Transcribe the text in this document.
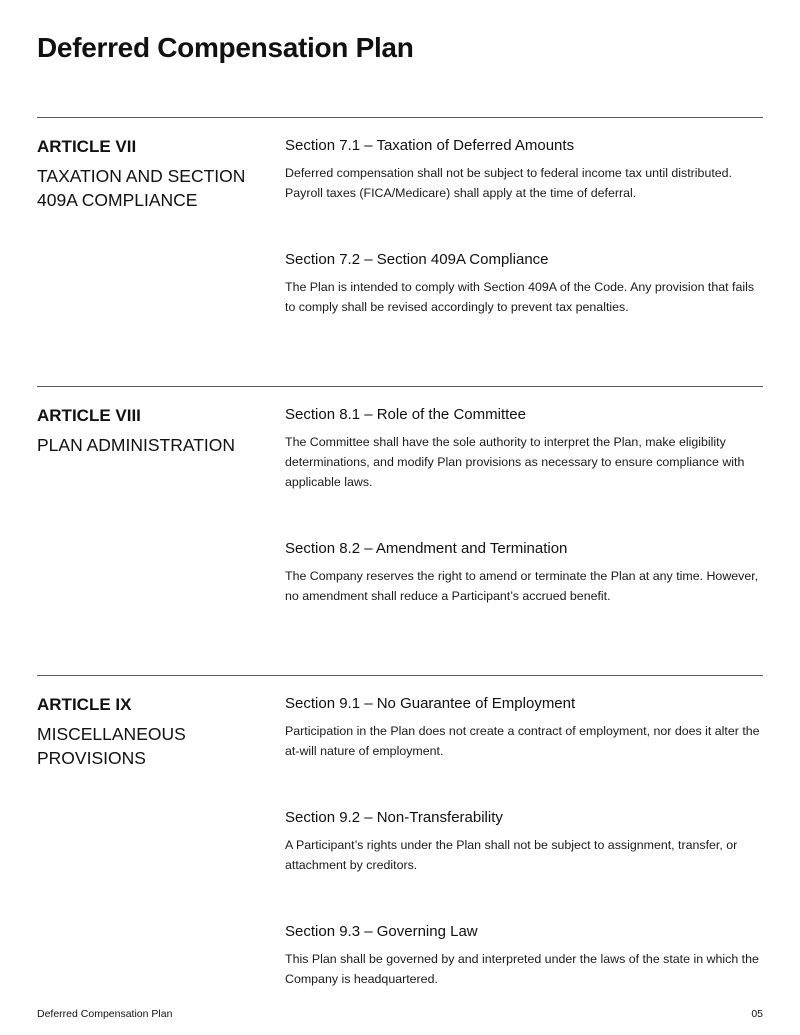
Deferred Compensation Plan
ARTICLE VII
TAXATION AND SECTION
409A COMPLIANCE
Section 7.1 – Taxation of Deferred Amounts

Deferred compensation shall not be subject to federal income tax until distributed. Payroll taxes (FICA/Medicare) shall apply at the time of deferral.

Section 7.2 – Section 409A Compliance

The Plan is intended to comply with Section 409A of the Code. Any provision that fails to comply shall be revised accordingly to prevent tax penalties.

ARTICLE VIII
PLAN ADMINISTRATION
Section 8.1 – Role of the Committee

The Committee shall have the sole authority to interpret the Plan, make eligibility determinations, and modify Plan provisions as necessary to ensure compliance with applicable laws.

Section 8.2 – Amendment and Termination

The Company reserves the right to amend or terminate the Plan at any time. However, no amendment shall reduce a Participant’s accrued benefit.

ARTICLE IX
MISCELLANEOUS
PROVISIONS
Section 9.1 – No Guarantee of Employment

Participation in the Plan does not create a contract of employment, nor does it alter the at-will nature of employment.

Section 9.2 – Non-Transferability

A Participant’s rights under the Plan shall not be subject to assignment, transfer, or attachment by creditors.

Section 9.3 – Governing Law

This Plan shall be governed by and interpreted under the laws of the state in which the Company is headquartered.

Deferred Compensation Plan	05
